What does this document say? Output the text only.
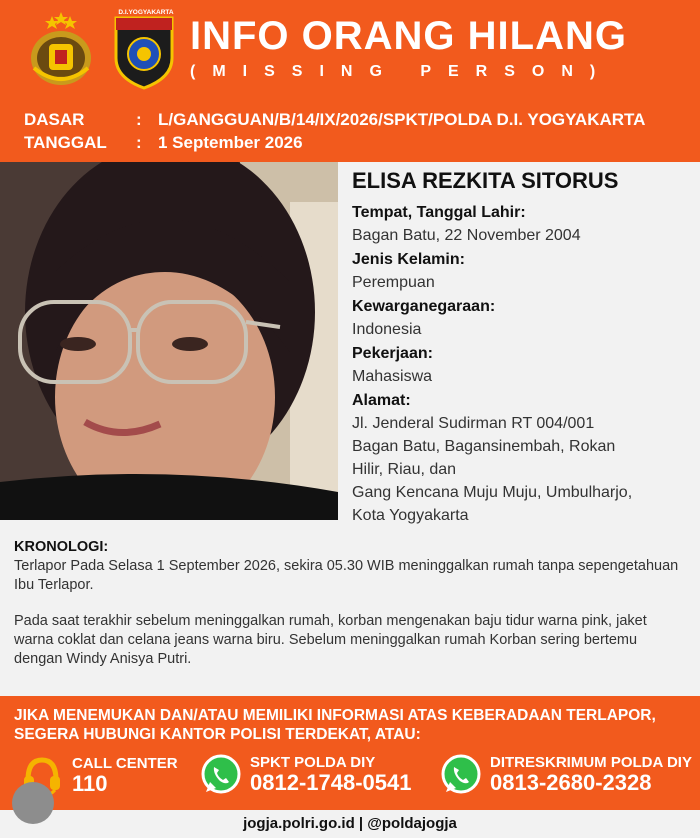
D.I.YOGYAKARTA
INFO ORANG HILANG
(MISSING PERSON)
DASAR	: L/GANGGUAN/B/14/IX/2026/SPKT/POLDA D.I. YOGYAKARTA
TANGGAL : 1 September 2026
ELISA REZKITA SITORUS
Tempat, Tanggal Lahir:
Bagan Batu, 22 November 2004
Jenis Kelamin:
Perempuan
Kewarganegaraan:
Indonesia
Pekerjaan:
Mahasiswa
Alamat:
Jl. Jenderal Sudirman RT 004/001
Bagan Batu, Bagansinembah, Rokan
Hilir, Riau, dan
Gang Kencana Muju Muju, Umbulharjo,
Kota Yogyakarta
KRONOLOGI:

Terlapor Pada Selasa 1 September 2026, sekira 05.30 WIB meninggalkan rumah tanpa sepengetahuan Ibu Terlapor.

Pada saat terakhir sebelum meninggalkan rumah, korban mengenakan baju tidur warna pink, jaket warna coklat dan celana jeans warna biru. Sebelum meninggalkan rumah Korban sering bertemu dengan Windy Anisya Putri.

JIKA MENEMUKAN DAN/ATAU MEMILIKI INFORMASI ATAS KEBERADAAN TERLAPOR, SEGERA HUBUNGI KANTOR POLISI TERDEKAT, ATAU:
CALL CENTER
110
SPKT POLDA DIY
0812-1748-0541
DITRESKRIMUM POLDA DIY
0813-2680-2328
jogja.polri.go.id | @poldajogja
